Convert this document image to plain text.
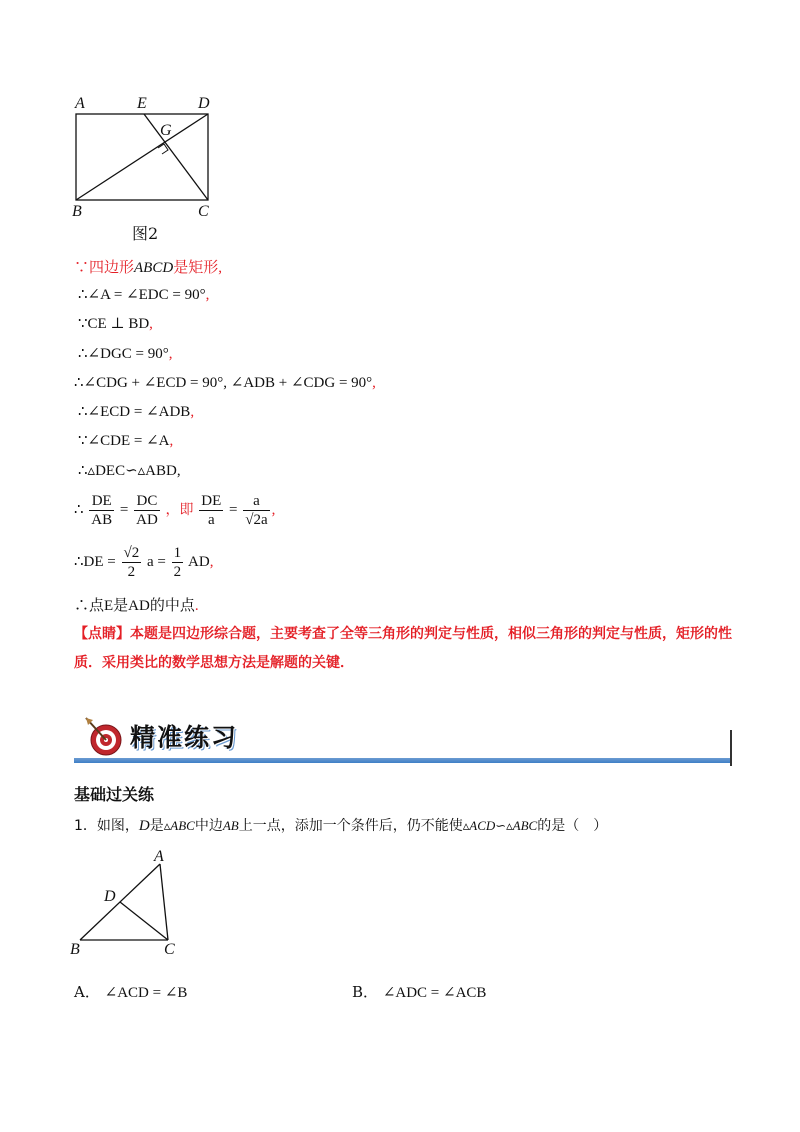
A	E	D
G
B	C
图2
∵四边形ABCD是矩形,
∴∠A = ∠EDC = 90°,
∵CE ⊥ BD,
∴∠DGC = 90°,
∴∠CDG + ∠ECD = 90°, ∠ADB + ∠CDG = 90°,
∴∠ECD = ∠ADB,
∵∠CDE = ∠A,
∴▵DEC∽▵ABD,
∴ $\frac{DE}{AB} = \frac{DC}{AD}$ ，即 $\frac{DE}{a} = \frac{a}{√2a}$ ,
∴DE = $\frac{√2}{2}$ $a = \frac{1}{2}$ AD,
∴点E是AD的中点.
【点睛】本题是四边形综合题，主要考查了全等三角形的判定与性质，相似三角形的判定与性质，矩形的性质．采用类比的数学思想方法是解题的关键．
精准练习
基础过关练
1．如图，D是▵ABC中边AB上一点，添加一个条件后，仍不能使▵ACD∽▵ABC的是（　）
A
D
B	C
A． ∠ACD = ∠B	B． ∠ADC = ∠ACB
